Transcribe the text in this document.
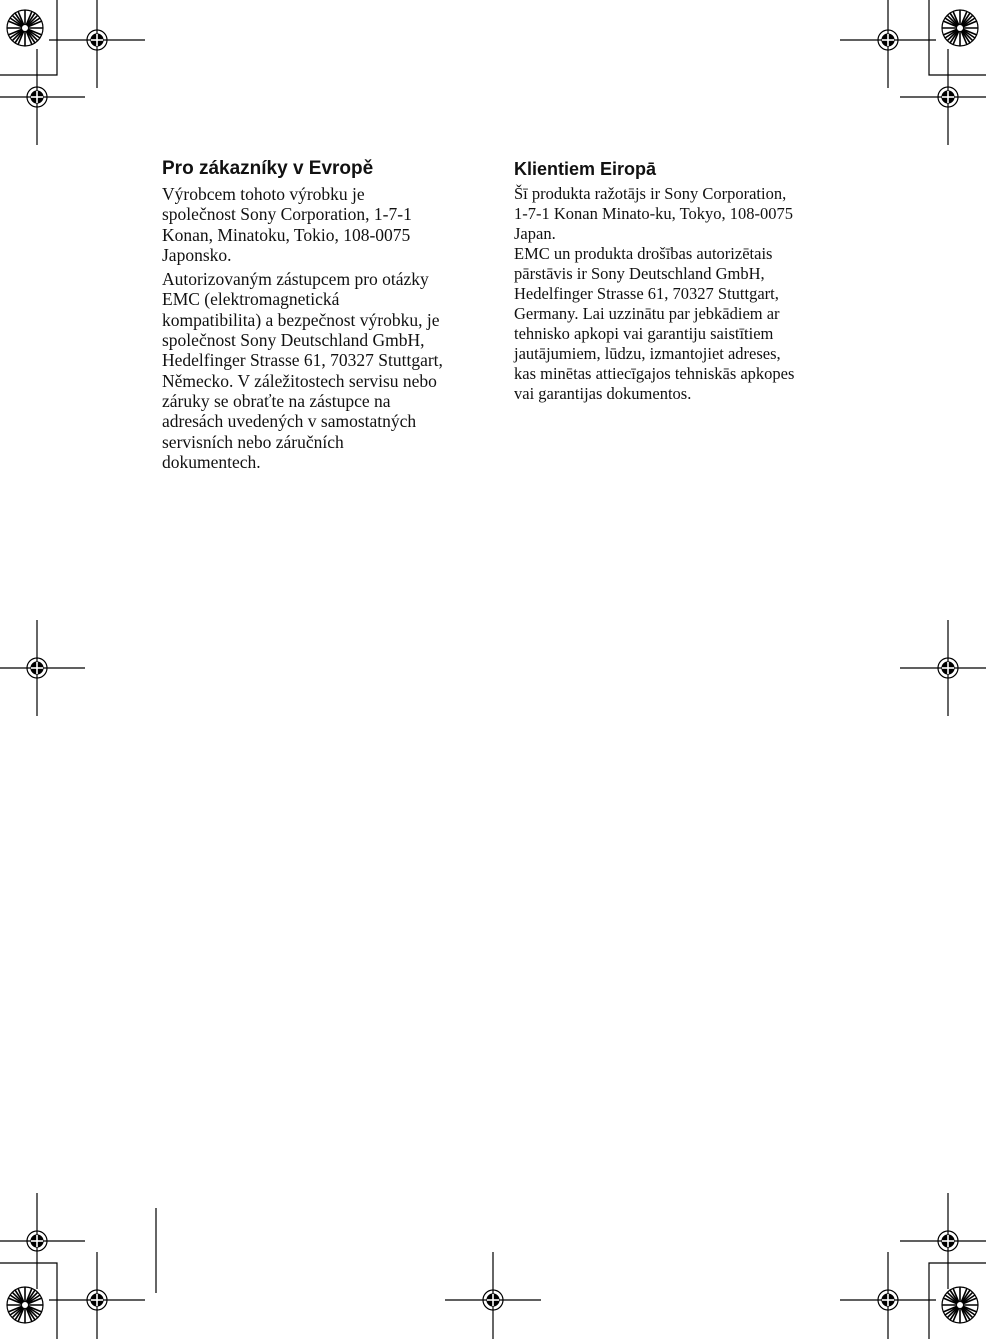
Pro zákazníky v Evropě

Výrobcem tohoto výrobku je
společnost Sony Corporation, 1-7-1
Konan, Minatoku, Tokio, 108-0075
Japonsko.

Autorizovaným zástupcem pro otázky
EMC (elektromagnetická
kompatibilita) a bezpečnost výrobku, je
společnost Sony Deutschland GmbH,
Hedelfinger Strasse 61, 70327 Stuttgart,
Německo. V záležitostech servisu nebo
záruky se obraťte na zástupce na
adresách uvedených v samostatných
servisních nebo záručních
dokumentech.

Klientiem Eiropā

Šī produkta ražotājs ir Sony Corporation,
1-7-1 Konan Minato-ku, Tokyo, 108-0075
Japan.

EMC un produkta drošības autorizētais
pārstāvis ir Sony Deutschland GmbH,
Hedelfinger Strasse 61, 70327 Stuttgart,
Germany. Lai uzzinātu par jebkādiem ar
tehnisko apkopi vai garantiju saistītiem
jautājumiem, lūdzu, izmantojiet adreses,
kas minētas attiecīgajos tehniskās apkopes
vai garantijas dokumentos.
